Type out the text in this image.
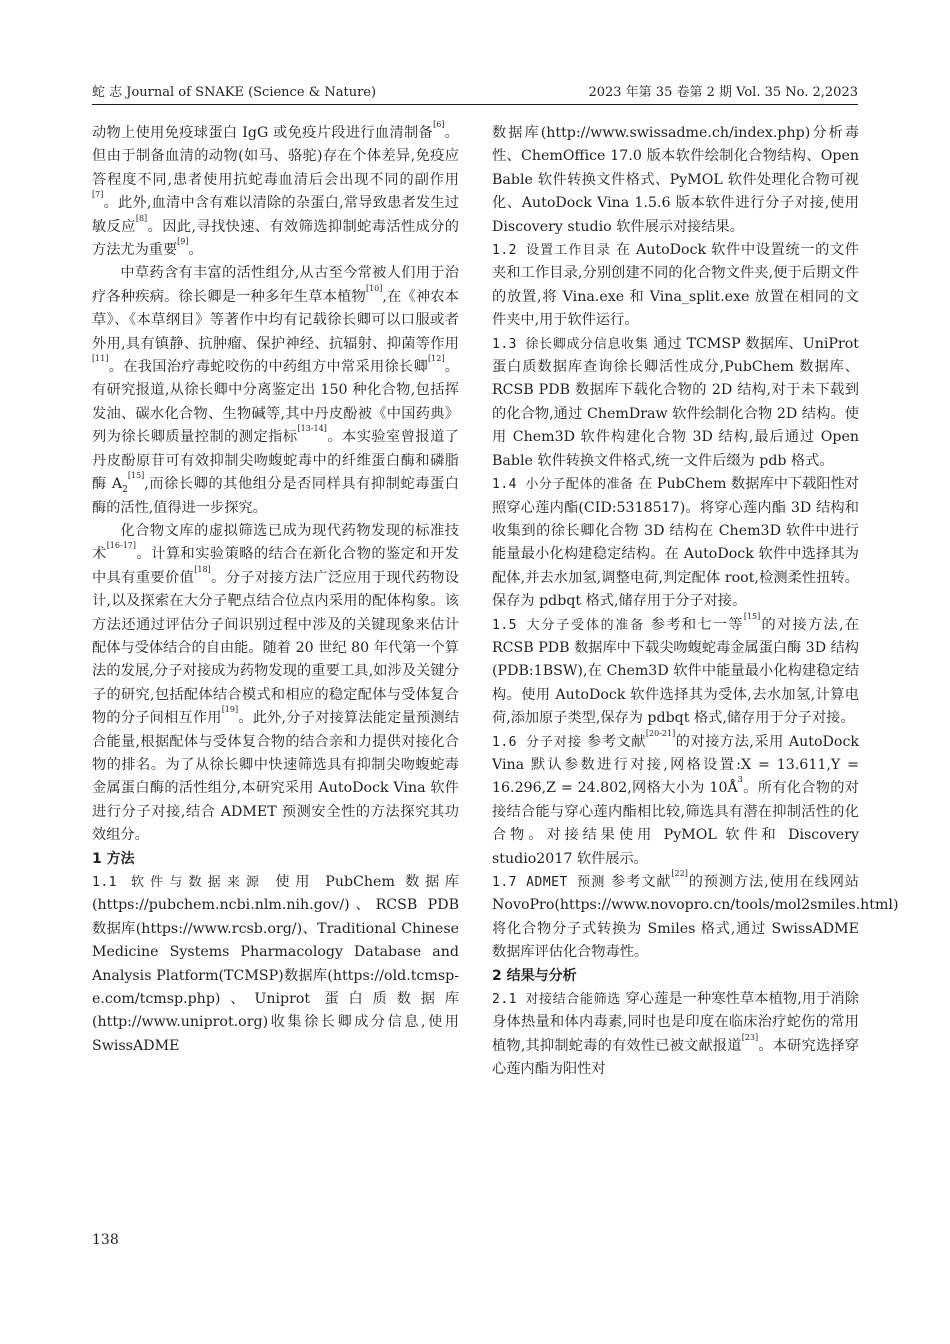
蛇 志 Journal of SNAKE (Science & Nature)	2023 年第 35 卷第 2 期 Vol. 35 No. 2,2023

动物上使用免疫球蛋白 IgG 或免疫片段进行血清制备[6]。但由于制备血清的动物(如马、骆驼)存在个体差异,免疫应答程度不同,患者使用抗蛇毒血清后会出现不同的副作用[7]。此外,血清中含有难以清除的杂蛋白,常导致患者发生过敏反应[8]。因此,寻找快速、有效筛选抑制蛇毒活性成分的方法尤为重要[9]。

中草药含有丰富的活性组分,从古至今常被人们用于治疗各种疾病。徐长卿是一种多年生草本植物[10],在《神农本草》、《本草纲目》等著作中均有记载徐长卿可以口服或者外用,具有镇静、抗肿瘤、保护神经、抗辐射、抑菌等作用[11]。在我国治疗毒蛇咬伤的中药组方中常采用徐长卿[12]。有研究报道,从徐长卿中分离鉴定出 150 种化合物,包括挥发油、碳水化合物、生物碱等,其中丹皮酚被《中国药典》列为徐长卿质量控制的测定指标[13-14]。本实验室曾报道了丹皮酚原苷可有效抑制尖吻蝮蛇毒中的纤维蛋白酶和磷脂酶 $A_2[15]$,而徐长卿的其他组分是否同样具有抑制蛇毒蛋白酶的活性,值得进一步探究。

化合物文库的虚拟筛选已成为现代药物发现的标准技术[16-17]。计算和实验策略的结合在新化合物的鉴定和开发中具有重要价值[18]。分子对接方法广泛应用于现代药物设计,以及探索在大分子靶点结合位点内采用的配体构象。该方法还通过评估分子间识别过程中涉及的关键现象来估计配体与受体结合的自由能。随着 20 世纪 80 年代第一个算法的发展,分子对接成为药物发现的重要工具,如涉及关键分子的研究,包括配体结合模式和相应的稳定配体与受体复合物的分子间相互作用[19]。此外,分子对接算法能定量预测结合能量,根据配体与受体复合物的结合亲和力提供对接化合物的排名。为了从徐长卿中快速筛选具有抑制尖吻蝮蛇毒金属蛋白酶的活性组分,本研究采用 AutoDock Vina 软件进行分子对接,结合 ADMET 预测安全性的方法探究其功效组分。

1 方法

1.1 软件与数据来源 使用 PubChem 数据库(https://pubchem.ncbi.nlm.nih.gov/)、RCSB PDB 数据库(https://www.rcsb.org/)、Traditional Chinese Medicine Systems Pharmacology Database and Analysis Platform(TCMSP)数据库(https://old.tcmsp-e.com/tcmsp.php)、Uniprot 蛋白质数据库(http://www.uniprot.org)收集徐长卿成分信息,使用 SwissADME

数据库(http://www.swissadme.ch/index.php)分析毒性、ChemOffice 17.0 版本软件绘制化合物结构、Open Bable 软件转换文件格式、PyMOL 软件处理化合物可视化、AutoDock Vina 1.5.6 版本软件进行分子对接,使用 Discovery studio 软件展示对接结果。

1.2 设置工作目录 在 AutoDock 软件中设置统一的文件夹和工作目录,分别创建不同的化合物文件夹,便于后期文件的放置,将 Vina.exe 和 Vina_split.exe 放置在相同的文件夹中,用于软件运行。

1.3 徐长卿成分信息收集 通过 TCMSP 数据库、UniProt 蛋白质数据库查询徐长卿活性成分,PubChem 数据库、RCSB PDB 数据库下载化合物的 2D 结构,对于未下载到的化合物,通过 ChemDraw 软件绘制化合物 2D 结构。使用 Chem3D 软件构建化合物 3D 结构,最后通过 Open Bable 软件转换文件格式,统一文件后缀为 pdb 格式。

1.4 小分子配体的准备 在 PubChem 数据库中下载阳性对照穿心莲内酯(CID:5318517)。将穿心莲内酯 3D 结构和收集到的徐长卿化合物 3D 结构在 Chem3D 软件中进行能量最小化构建稳定结构。在 AutoDock 软件中选择其为配体,并去水加氢,调整电荷,判定配体 root,检测柔性扭转。保存为 pdbqt 格式,储存用于分子对接。

1.5 大分子受体的准备 参考和七一等[15]的对接方法,在 RCSB PDB 数据库中下载尖吻蝮蛇毒金属蛋白酶 3D 结构(PDB:1BSW),在 Chem3D 软件中能量最小化构建稳定结构。使用 AutoDock 软件选择其为受体,去水加氢,计算电荷,添加原子类型,保存为 pdbqt 格式,储存用于分子对接。

1.6 分子对接 参考文献[20-21]的对接方法,采用 AutoDock Vina 默认参数进行对接,网格设置:X = 13.611,Y = 16.296,Z = 24.802,网格大小为 $10Å^3$。所有化合物的对接结合能与穿心莲内酯相比较,筛选具有潜在抑制活性的化合物。对接结果使用 PyMOL 软件和 Discovery studio2017 软件展示。

1.7 ADMET 预测 参考文献[22]的预测方法,使用在线网站 NovoPro(https://www.novopro.cn/tools/mol2smiles.html)将化合物分子式转换为 Smiles 格式,通过 SwissADME 数据库评估化合物毒性。

2 结果与分析

2.1 对接结合能筛选 穿心莲是一种寒性草本植物,用于消除身体热量和体内毒素,同时也是印度在临床治疗蛇伤的常用植物,其抑制蛇毒的有效性已被文献报道[23]。本研究选择穿心莲内酯为阳性对

138
